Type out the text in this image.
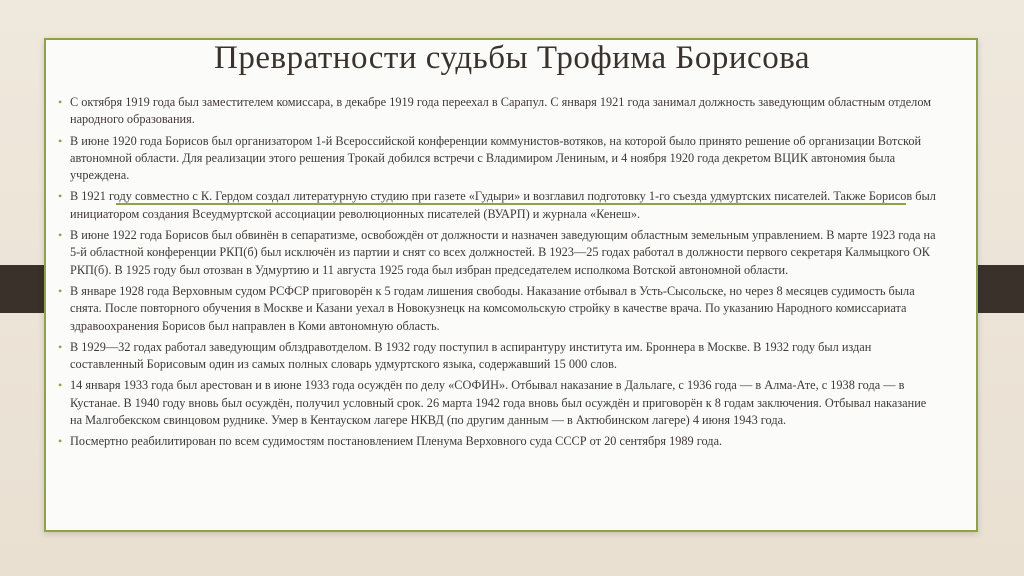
Превратности судьбы Трофима Борисова
• С октября 1919 года был заместителем комиссара, в декабре 1919 года переехал в Сарапул. С января 1921 года занимал должность заведующим областным отделом народного образования.
• В июне 1920 года Борисов был организатором 1-й Всероссийской конференции коммунистов-вотяков, на которой было принято решение об организации Вотской автономной области. Для реализации этого решения Трокай добился встречи с Владимиром Лениным, и 4 ноября 1920 года декретом ВЦИК автономия была учреждена.
• В 1921 году совместно с К. Гердом создал литературную студию при газете «Гудыри» и возглавил подготовку 1-го съезда удмуртских писателей. Также Борисов был инициатором создания Всеудмуртской ассоциации революционных писателей (ВУАРП) и журнала «Кенеш».
• В июне 1922 года Борисов был обвинён в сепаратизме, освобождён от должности и назначен заведующим областным земельным управлением. В марте 1923 года на 5-й областной конференции РКП(б) был исключён из партии и снят со всех должностей. В 1923—25 годах работал в должности первого секретаря Калмыцкого ОК РКП(б). В 1925 году был отозван в Удмуртию и 11 августа 1925 года был избран председателем исполкома Вотской автономной области.
• В январе 1928 года Верховным судом РСФСР приговорён к 5 годам лишения свободы. Наказание отбывал в Усть-Сысольске, но через 8 месяцев судимость была снята. После повторного обучения в Москве и Казани уехал в Новокузнецк на комсомольскую стройку в качестве врача. По указанию Народного комиссариата здравоохранения Борисов был направлен в Коми автономную область.
• В 1929—32 годах работал заведующим облздравотделом. В 1932 году поступил в аспирантуру института им. Броннера в Москве. В 1932 году был издан составленный Борисовым один из самых полных словарь удмуртского языка, содержавший 15 000 слов.
• 14 января 1933 года был арестован и в июне 1933 года осуждён по делу «СОФИН». Отбывал наказание в Дальлаге, с 1936 года — в Алма-Ате, с 1938 года — в Кустанае. В 1940 году вновь был осуждён, получил условный срок. 26 марта 1942 года вновь был осуждён и приговорён к 8 годам заключения. Отбывал наказание на Малгобекском свинцовом руднике. Умер в Кентауском лагере НКВД (по другим данным — в Актюбинском лагере) 4 июня 1943 года.
• Посмертно реабилитирован по всем судимостям постановлением Пленума Верховного суда СССР от 20 сентября 1989 года.
